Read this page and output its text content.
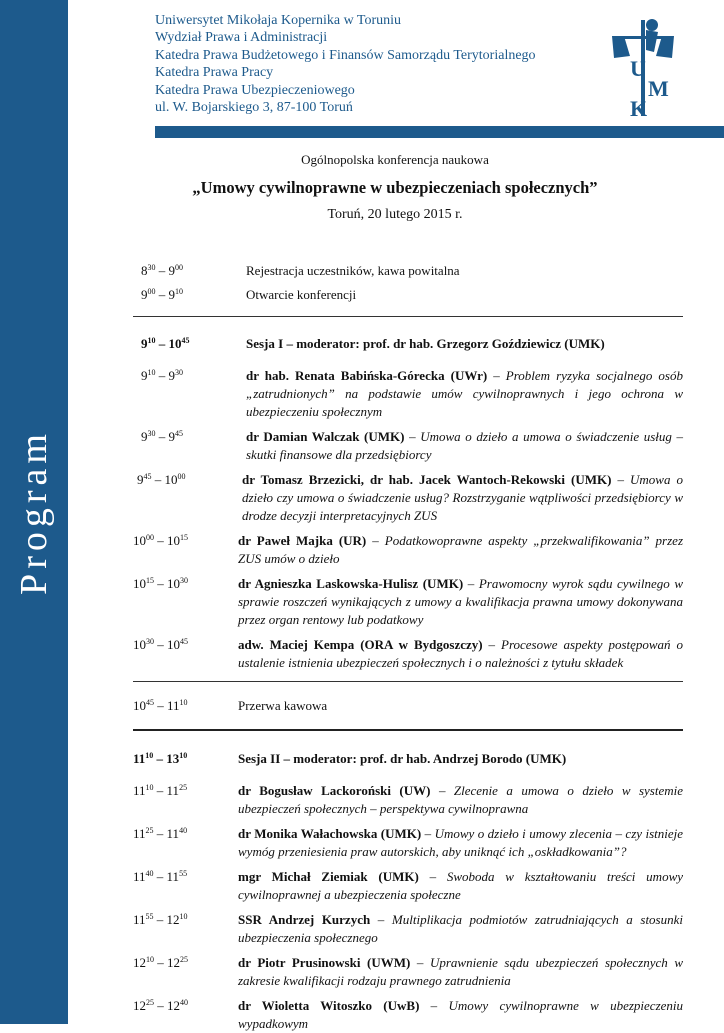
Program
Uniwersytet Mikołaja Kopernika w Toruniu
Wydział Prawa i Administracji
Katedra Prawa Budżetowego i Finansów Samorządu Terytorialnego
Katedra Prawa Pracy
Katedra Prawa Ubezpieczeniowego
ul. W. Bojarskiego 3, 87-100 Toruń
U
M
K
Ogólnopolska konferencja naukowa
„Umowy cywilnoprawne w ubezpieczeniach społecznych”
Toruń, 20 lutego 2015 r.
$8^{30} - 9^{00}$	Rejestracja uczestników, kawa powitalna
$9^{00} - 9^{10}$	Otwarcie konferencji
$9^{10} - 10^{45}$	Sesja I – moderator: prof. dr hab. Grzegorz Goździewicz (UMK)
$9^{10} - 9^{30}$	dr hab. Renata Babińska-Górecka (UWr) – Problem ryzyka socjalnego osób „zatrudnionych” na podstawie umów cywilnoprawnych i jego ochrona w ubezpieczeniu społecznym
$9^{30} - 9^{45}$	dr Damian Walczak (UMK) – Umowa o dzieło a umowa o świadczenie usług – skutki finansowe dla przedsiębiorcy
$9^{45} - 10^{00}$	dr Tomasz Brzezicki, dr hab. Jacek Wantoch-Rekowski (UMK) – Umowa o dzieło czy umowa o świadczenie usług? Rozstrzyganie wątpliwości przedsiębiorcy w drodze decyzji interpretacyjnych ZUS
$10^{00} - 10^{15}$	dr Paweł Majka (UR) – Podatkowoprawne aspekty „przekwalifikowania” przez ZUS umów o dzieło
$10^{15} - 10^{30}$	dr Agnieszka Laskowska-Hulisz (UMK) – Prawomocny wyrok sądu cywilnego w sprawie roszczeń wynikających z umowy a kwalifikacja prawna umowy dokonywana przez organ rentowy lub podatkowy
$10^{30} - 10^{45}$	adw. Maciej Kempa (ORA w Bydgoszczy) – Procesowe aspekty postępowań o ustalenie istnienia ubezpieczeń społecznych i o należności z tytułu składek
$10^{45} - 11^{10}$	Przerwa kawowa
$11^{10} - 13^{10}$	Sesja II – moderator: prof. dr hab. Andrzej Borodo (UMK)
$11^{10} - 11^{25}$	dr Bogusław Lackoroński (UW) – Zlecenie a umowa o dzieło w systemie ubezpieczeń społecznych – perspektywa cywilnoprawna
$11^{25} - 11^{40}$	dr Monika Wałachowska (UMK) – Umowy o dzieło i umowy zlecenia – czy istnieje wymóg przeniesienia praw autorskich, aby uniknąć ich „oskładkowania”?
$11^{40} - 11^{55}$	mgr Michał Ziemiak (UMK) – Swoboda w kształtowaniu treści umowy cywilnoprawnej a ubezpieczenia społeczne
$11^{55} - 12^{10}$	SSR Andrzej Kurzych – Multiplikacja podmiotów zatrudniających a stosunki ubezpieczenia społecznego
$12^{10} - 12^{25}$	dr Piotr Prusinowski (UWM) – Uprawnienie sądu ubezpieczeń społecznych w zakresie kwalifikacji rodzaju prawnego zatrudnienia
$12^{25} - 12^{40}$	dr Wioletta Witoszko (UwB) – Umowy cywilnoprawne w ubezpieczeniu wypadkowym
